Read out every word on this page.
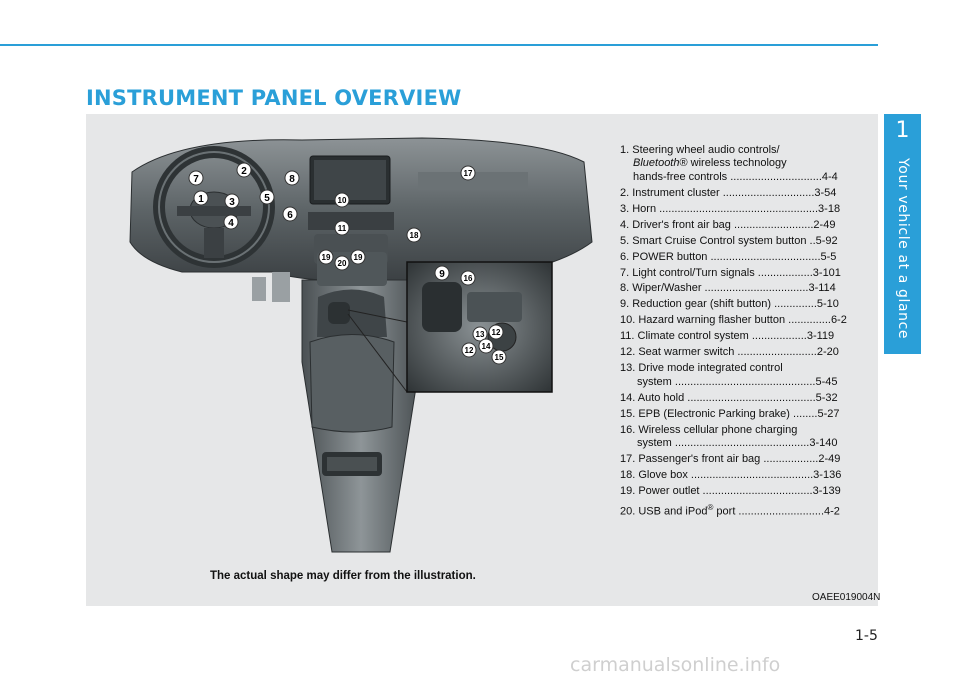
INSTRUMENT PANEL OVERVIEW
1
Your vehicle at a glance
1
2
3
4
5
6
7	8
10
11
17
18
19
20
19
9 16
13 12
14
12
15
1. Steering wheel audio controls/
Bluetooth® wireless technology
hands-free controls ..............................4-4
2. Instrument cluster ..............................3-54
3. Horn ....................................................3-18
4. Driver's front air bag ..........................2-49
5. Smart Cruise Control system button ..5-92
6. POWER button ....................................5-5
7. Light control/Turn signals ..................3-101
8. Wiper/Washer ..................................3-114
9. Reduction gear (shift button) ..............5-10
10. Hazard warning flasher button ..............6-2
11. Climate control system ..................3-119
12. Seat warmer switch ..........................2-20
13. Drive mode integrated control
system ..............................................5-45
14. Auto hold ..........................................5-32
15. EPB (Electronic Parking brake) ........5-27
16. Wireless cellular phone charging
system ............................................3-140
17. Passenger's front air bag ..................2-49
18. Glove box ........................................3-136
19. Power outlet ....................................3-139
20. USB and iPod® port ............................4-2
The actual shape may differ from the illustration.
OAEE019004N
1-5
carmanualsonline.info
